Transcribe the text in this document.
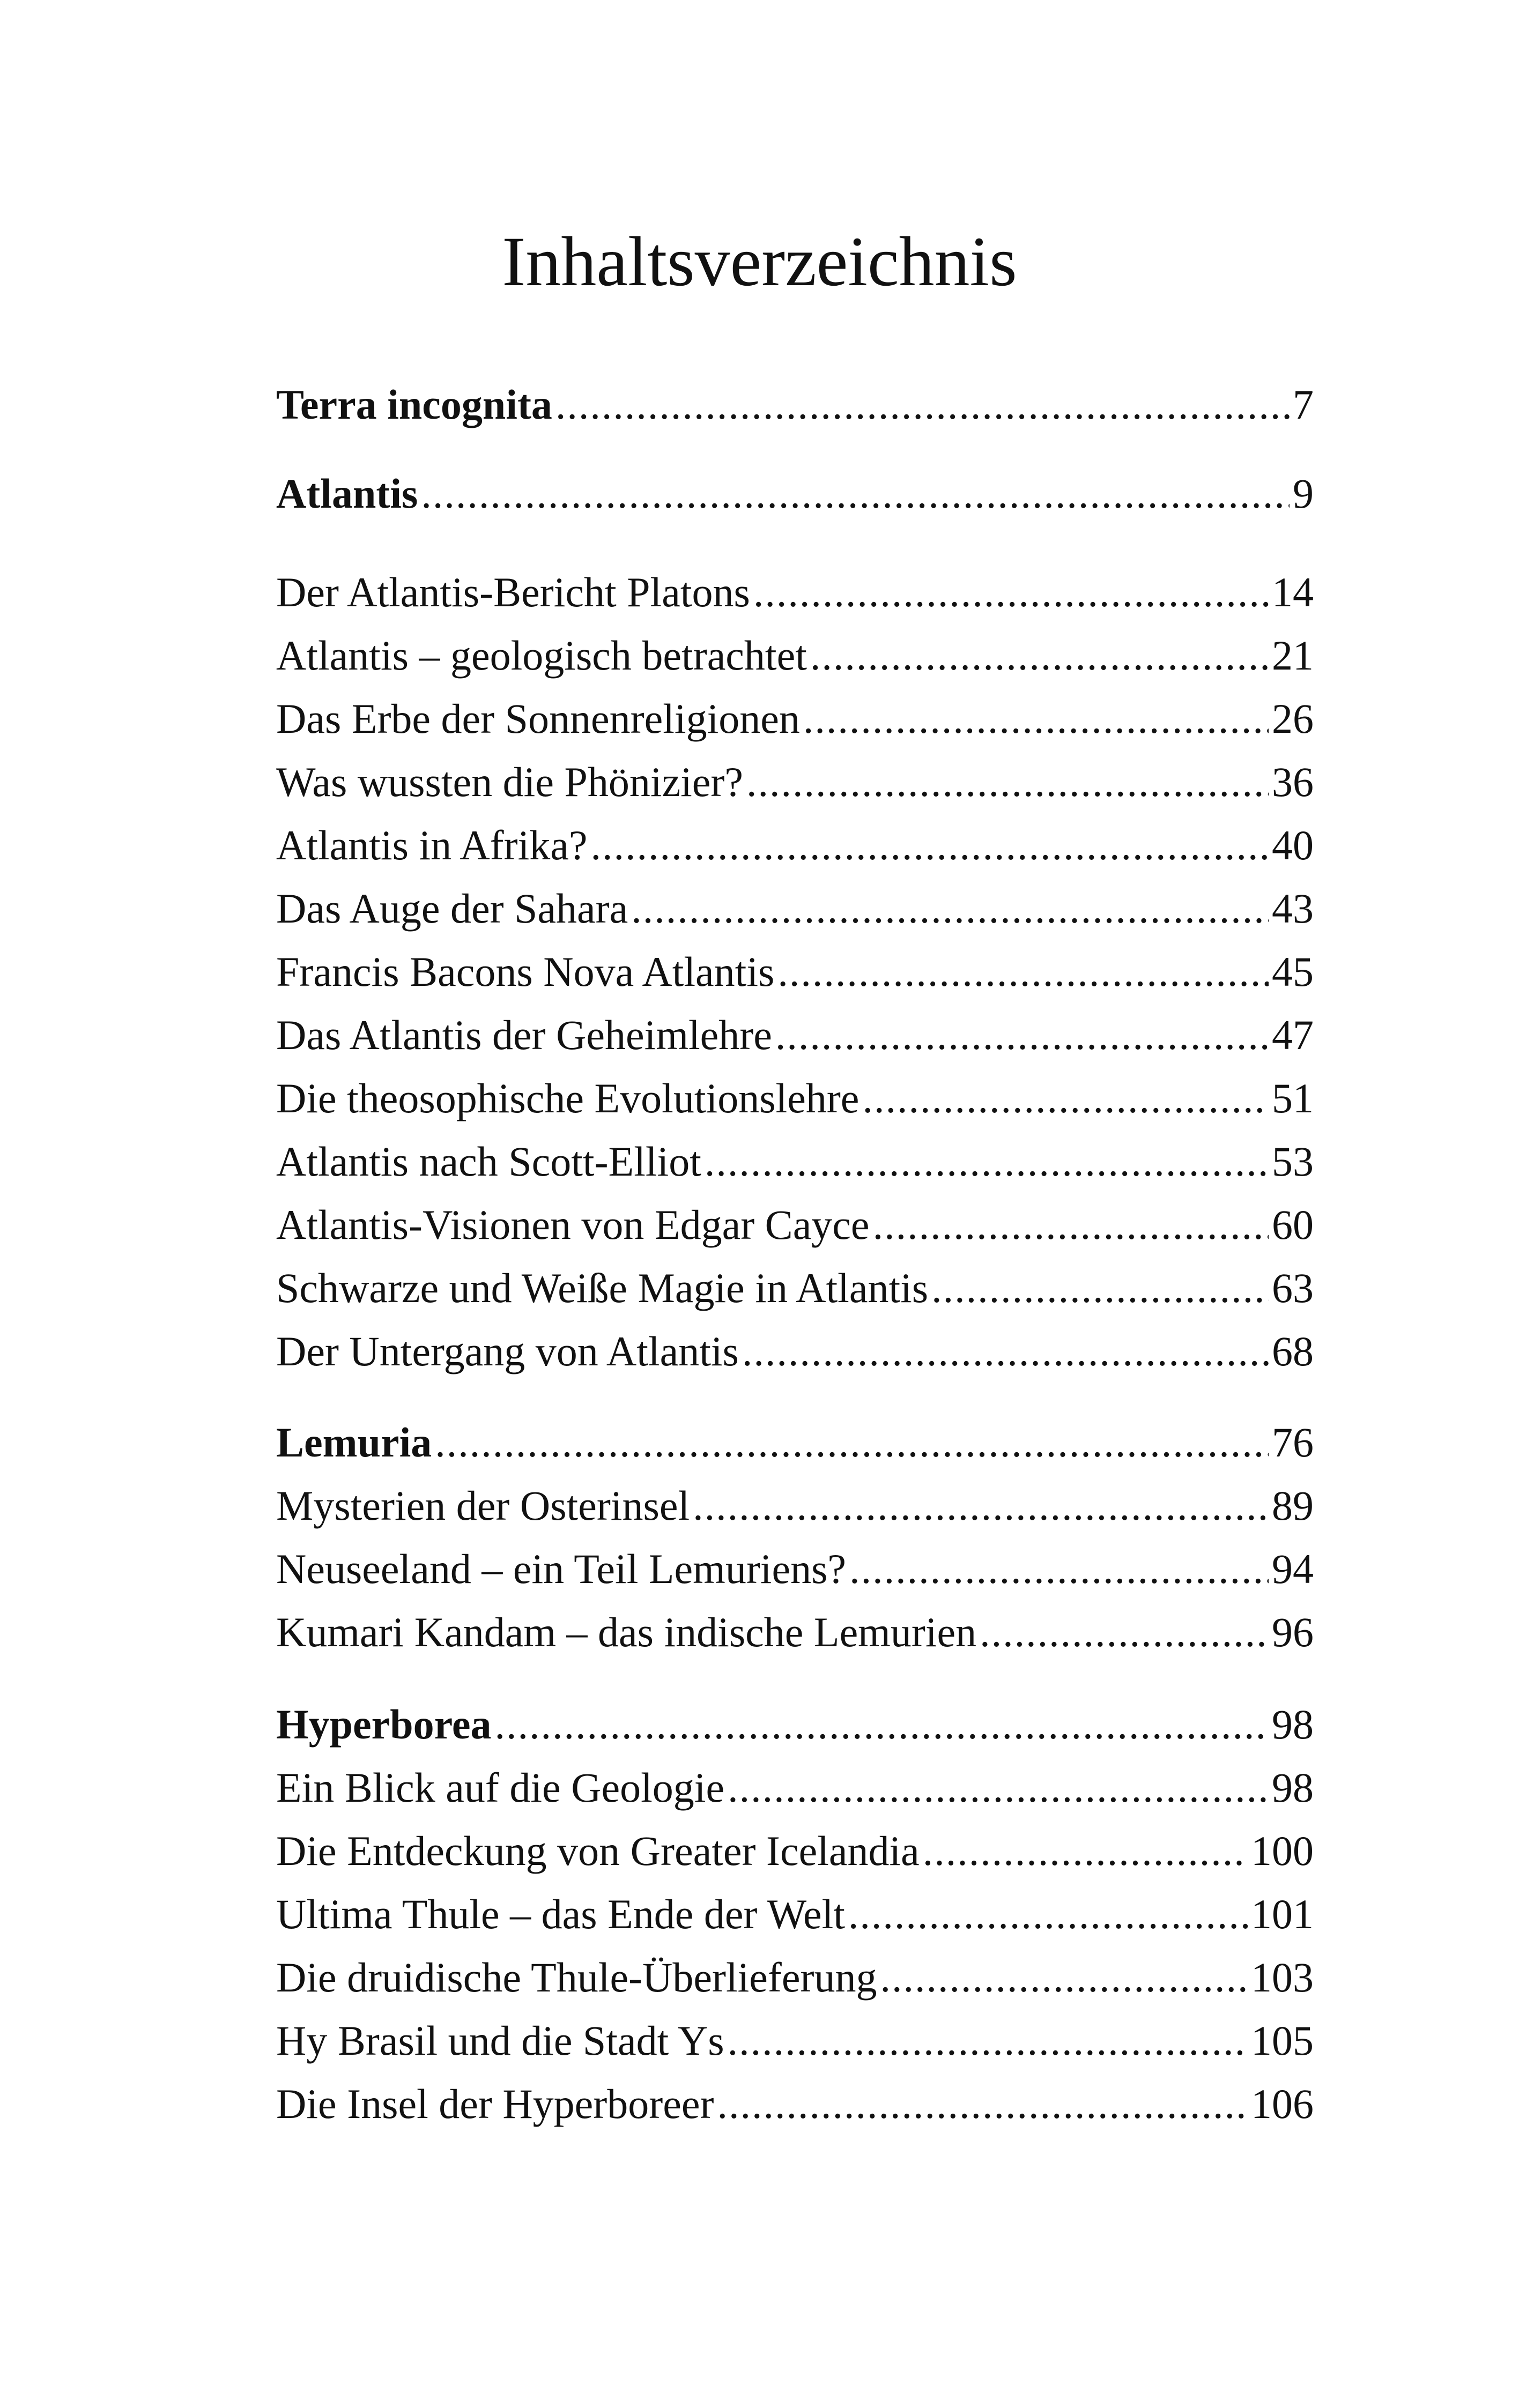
Inhaltsverzeichnis
Terra incognita .....	7
Atlantis .....	9
Der Atlantis-Bericht Platons .....	14
Atlantis – geologisch betrachtet .....	21
Das Erbe der Sonnenreligionen .....	26
Was wussten die Phönizier? .....	36
Atlantis in Afrika? .....	40
Das Auge der Sahara .....	43
Francis Bacons Nova Atlantis .....	45
Das Atlantis der Geheimlehre .....	47
Die theosophische Evolutionslehre .....	51
Atlantis nach Scott-Elliot .....	53
Atlantis-Visionen von Edgar Cayce .....	60
Schwarze und Weiße Magie in Atlantis .....	63
Der Untergang von Atlantis .....	68
Lemuria .....	76
Mysterien der Osterinsel .....	89
Neuseeland – ein Teil Lemuriens? .....	94
Kumari Kandam – das indische Lemurien .....	96
Hyperborea .....	98
Ein Blick auf die Geologie .....	98
Die Entdeckung von Greater Icelandia .....	100
Ultima Thule – das Ende der Welt .....	101
Die druidische Thule-Überlieferung .....	103
Hy Brasil und die Stadt Ys .....	105
Die Insel der Hyperboreer .....	106
